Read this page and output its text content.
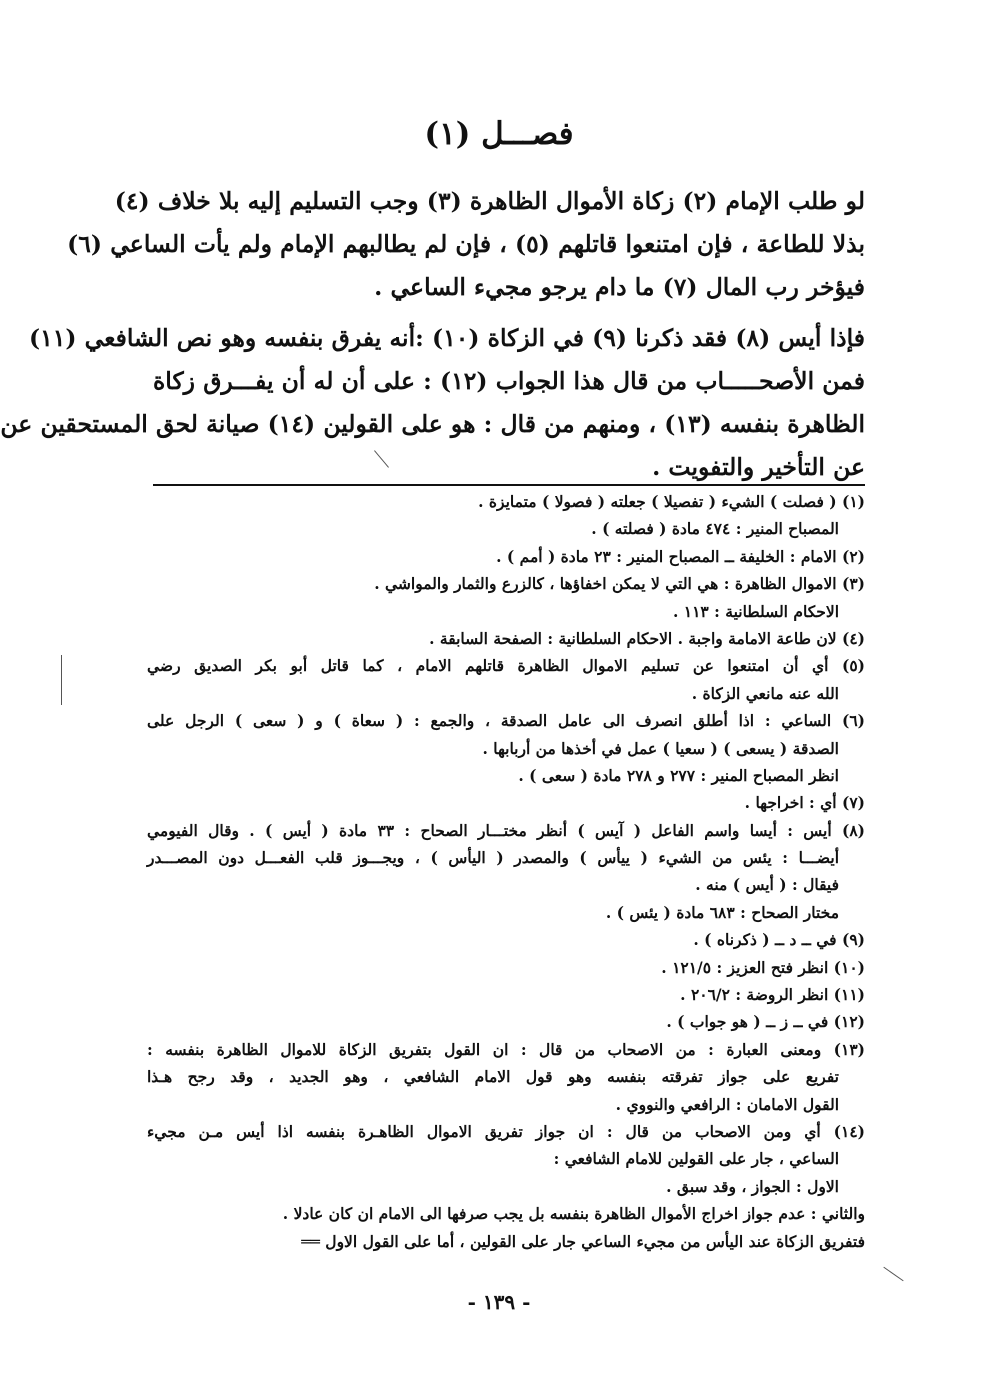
فصـــل (١)
لو طلب الإمام (٢) زكاة الأموال الظاهرة (٣) وجب التسليم إليه بلا خلاف (٤)
بذلا للطاعة ، فإن امتنعوا قاتلهم (٥) ، فإن لم يطالبهم الإمام ولم يأت الساعي (٦)
فيؤخر رب المال (٧) ما دام يرجو مجيء الساعي .
فإذا أيس (٨) فقد ذكرنا (٩) في الزكاة (١٠) :أنه يفرق بنفسه وهو نص الشافعي (١١)
فمن الأصحـــــاب من قال هذا الجواب (١٢) : على أن له أن يفـــرق زكاة
الظاهرة بنفسه (١٣) ، ومنهم من قال : هو على القولين (١٤) صيانة لحق المستحقين عن
عن التأخير والتفويت .
(١) ( فصلت ) الشيء ( تفصيلا ) جعلته ( فصولا ) متمايزة .
المصباح المنير : ٤٧٤ مادة ( فصلته ) .
(٢) الامام : الخليفة ــ المصباح المنير : ٢٣ مادة ( أمم ) .
(٣) الاموال الظاهرة : هي التي لا يمكن اخفاؤها ، كالزرع والثمار والمواشي .
الاحكام السلطانية : ١١٣ .
(٤) لان طاعة الامامة واجبة . الاحكام السلطانية : الصفحة السابقة .
(٥) أي أن امتنعوا عن تسليم الاموال الظاهرة قاتلهم الامام ، كما قاتل أبو بكر الصديق رضي
الله عنه مانعي الزكاة .
(٦) الساعي : اذا أطلق انصرف الى عامل الصدقة ، والجمع : ( سعاة ) و ( سعى ) الرجل على
الصدقة ( يسعى ) ( سعيا ) عمل في أخذها من أربابها .
انظر المصباح المنير : ٢٧٧ و ٢٧٨ مادة ( سعى ) .
(٧) أي : اخراجها .
(٨) أيس : أيسا واسم الفاعل ( آيس ) أنظر مختـــار الصحاح : ٣٣ مادة ( أيس ) . وقال الفيومي
أيضـــا : يئس من الشيء ( ييأس ) والمصدر ( اليأس ) ، ويجـــوز قلب الفعـــل دون المصـــدر
فيقال : ( أيس ) منه .
مختار الصحاح : ٦٨٣ مادة ( يئس ) .
(٩) في ــ د ــ ( ذكرناه ) .
(١٠) انظر فتح العزيز : ١٢١/٥ .
(١١) انظر الروضة : ٢٠٦/٢ .
(١٢) في ــ ز ــ ( هو جواب ) .
(١٣) ومعنى العبارة : من الاصحاب من قال : ان القول بتفريق الزكاة للاموال الظاهرة بنفسه :
تفريع على جواز تفرقته بنفسه وهو قول الامام الشافعي ، وهو الجديد ، وقد رجح هـذا
القول الامامان : الرافعي والنووي .
(١٤) أي ومن الاصحاب من قال : ان جواز تفريق الاموال الظاهـرة بنفسه اذا أيس مـن مجيء
الساعي ، جار على القولين للامام الشافعي :
الاول : الجواز ، وقد سبق .
والثاني : عدم جواز اخراج الأموال الظاهرة بنفسه بل يجب صرفها الى الامام ان كان عادلا .
فتفريق الزكاة عند اليأس من مجيء الساعي جار على القولين ، أما على القول الاول ══
- ١٣٩ -
